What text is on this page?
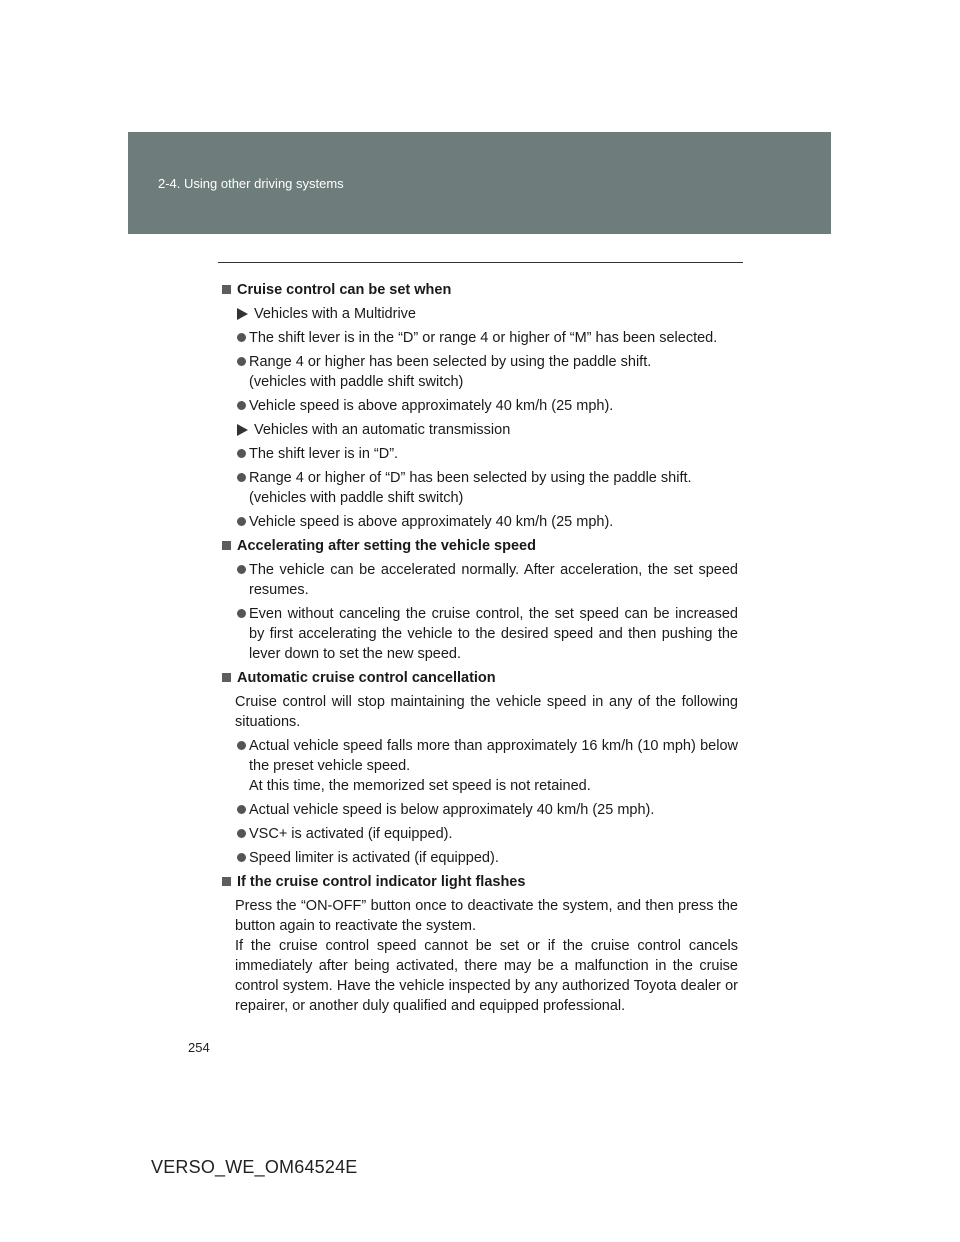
2-4. Using other driving systems
Cruise control can be set when
Vehicles with a Multidrive
The shift lever is in the “D” or range 4 or higher of “M” has been selected.
Range 4 or higher has been selected by using the paddle shift.
(vehicles with paddle shift switch)
Vehicle speed is above approximately 40 km/h (25 mph).
Vehicles with an automatic transmission
The shift lever is in “D”.
Range 4 or higher of “D” has been selected by using the paddle shift.
(vehicles with paddle shift switch)
Vehicle speed is above approximately 40 km/h (25 mph).
Accelerating after setting the vehicle speed
The vehicle can be accelerated normally. After acceleration, the set speed resumes.
Even without canceling the cruise control, the set speed can be increased by first accelerating the vehicle to the desired speed and then pushing the lever down to set the new speed.
Automatic cruise control cancellation
Cruise control will stop maintaining the vehicle speed in any of the following situations.
Actual vehicle speed falls more than approximately 16 km/h (10 mph) below the preset vehicle speed.
At this time, the memorized set speed is not retained.
Actual vehicle speed is below approximately 40 km/h (25 mph).
VSC+ is activated (if equipped).
Speed limiter is activated (if equipped).
If the cruise control indicator light flashes
Press the “ON-OFF” button once to deactivate the system, and then press the button again to reactivate the system.
If the cruise control speed cannot be set or if the cruise control cancels immediately after being activated, there may be a malfunction in the cruise control system. Have the vehicle inspected by any authorized Toyota dealer or repairer, or another duly qualified and equipped professional.
254
VERSO_WE_OM64524E
